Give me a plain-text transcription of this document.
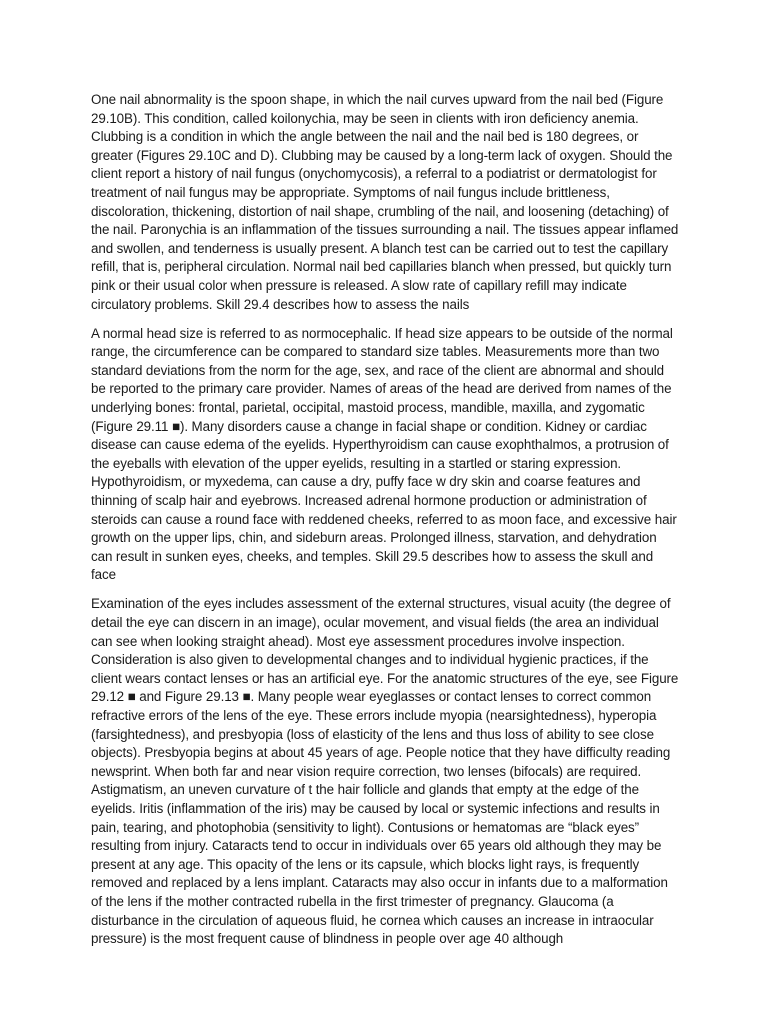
One nail abnormality is the spoon shape, in which the nail curves upward from the nail bed (Figure 29.10B). This condition, called koilonychia, may be seen in clients with iron deficiency anemia. Clubbing is a condition in which the angle between the nail and the nail bed is 180 degrees, or greater (Figures 29.10C and D). Clubbing may be caused by a long-term lack of oxygen. Should the client report a history of nail fungus (onychomycosis), a referral to a podiatrist or dermatologist for treatment of nail fungus may be appropriate. Symptoms of nail fungus include brittleness, discoloration, thickening, distortion of nail shape, crumbling of the nail, and loosening (detaching) of the nail. Paronychia is an inflammation of the tissues surrounding a nail. The tissues appear inflamed and swollen, and tenderness is usually present. A blanch test can be carried out to test the capillary refill, that is, peripheral circulation. Normal nail bed capillaries blanch when pressed, but quickly turn pink or their usual color when pressure is released. A slow rate of capillary refill may indicate circulatory problems. Skill 29.4 describes how to assess the nails

A normal head size is referred to as normocephalic. If head size appears to be outside of the normal range, the circumference can be compared to standard size tables. Measurements more than two standard deviations from the norm for the age, sex, and race of the client are abnormal and should be reported to the primary care provider. Names of areas of the head are derived from names of the underlying bones: frontal, parietal, occipital, mastoid process, mandible, maxilla, and zygomatic (Figure 29.11 ■). Many disorders cause a change in facial shape or condition. Kidney or cardiac disease can cause edema of the eyelids. Hyperthyroidism can cause exophthalmos, a protrusion of the eyeballs with elevation of the upper eyelids, resulting in a startled or staring expression. Hypothyroidism, or myxedema, can cause a dry, puffy face w dry skin and coarse features and thinning of scalp hair and eyebrows. Increased adrenal hormone production or administration of steroids can cause a round face with reddened cheeks, referred to as moon face, and excessive hair growth on the upper lips, chin, and sideburn areas. Prolonged illness, starvation, and dehydration can result in sunken eyes, cheeks, and temples. Skill 29.5 describes how to assess the skull and face

Examination of the eyes includes assessment of the external structures, visual acuity (the degree of detail the eye can discern in an image), ocular movement, and visual fields (the area an individual can see when looking straight ahead). Most eye assessment procedures involve inspection. Consideration is also given to developmental changes and to individual hygienic practices, if the client wears contact lenses or has an artificial eye. For the anatomic structures of the eye, see Figure 29.12 ■ and Figure 29.13 ■. Many people wear eyeglasses or contact lenses to correct common refractive errors of the lens of the eye. These errors include myopia (nearsightedness), hyperopia (farsightedness), and presbyopia (loss of elasticity of the lens and thus loss of ability to see close objects). Presbyopia begins at about 45 years of age. People notice that they have difficulty reading newsprint. When both far and near vision require correction, two lenses (bifocals) are required. Astigmatism, an uneven curvature of t the hair follicle and glands that empty at the edge of the eyelids. Iritis (inflammation of the iris) may be caused by local or systemic infections and results in pain, tearing, and photophobia (sensitivity to light). Contusions or hematomas are “black eyes” resulting from injury. Cataracts tend to occur in individuals over 65 years old although they may be present at any age. This opacity of the lens or its capsule, which blocks light rays, is frequently removed and replaced by a lens implant. Cataracts may also occur in infants due to a malformation of the lens if the mother contracted rubella in the first trimester of pregnancy. Glaucoma (a disturbance in the circulation of aqueous fluid, he cornea which causes an increase in intraocular pressure) is the most frequent cause of blindness in people over age 40 although
